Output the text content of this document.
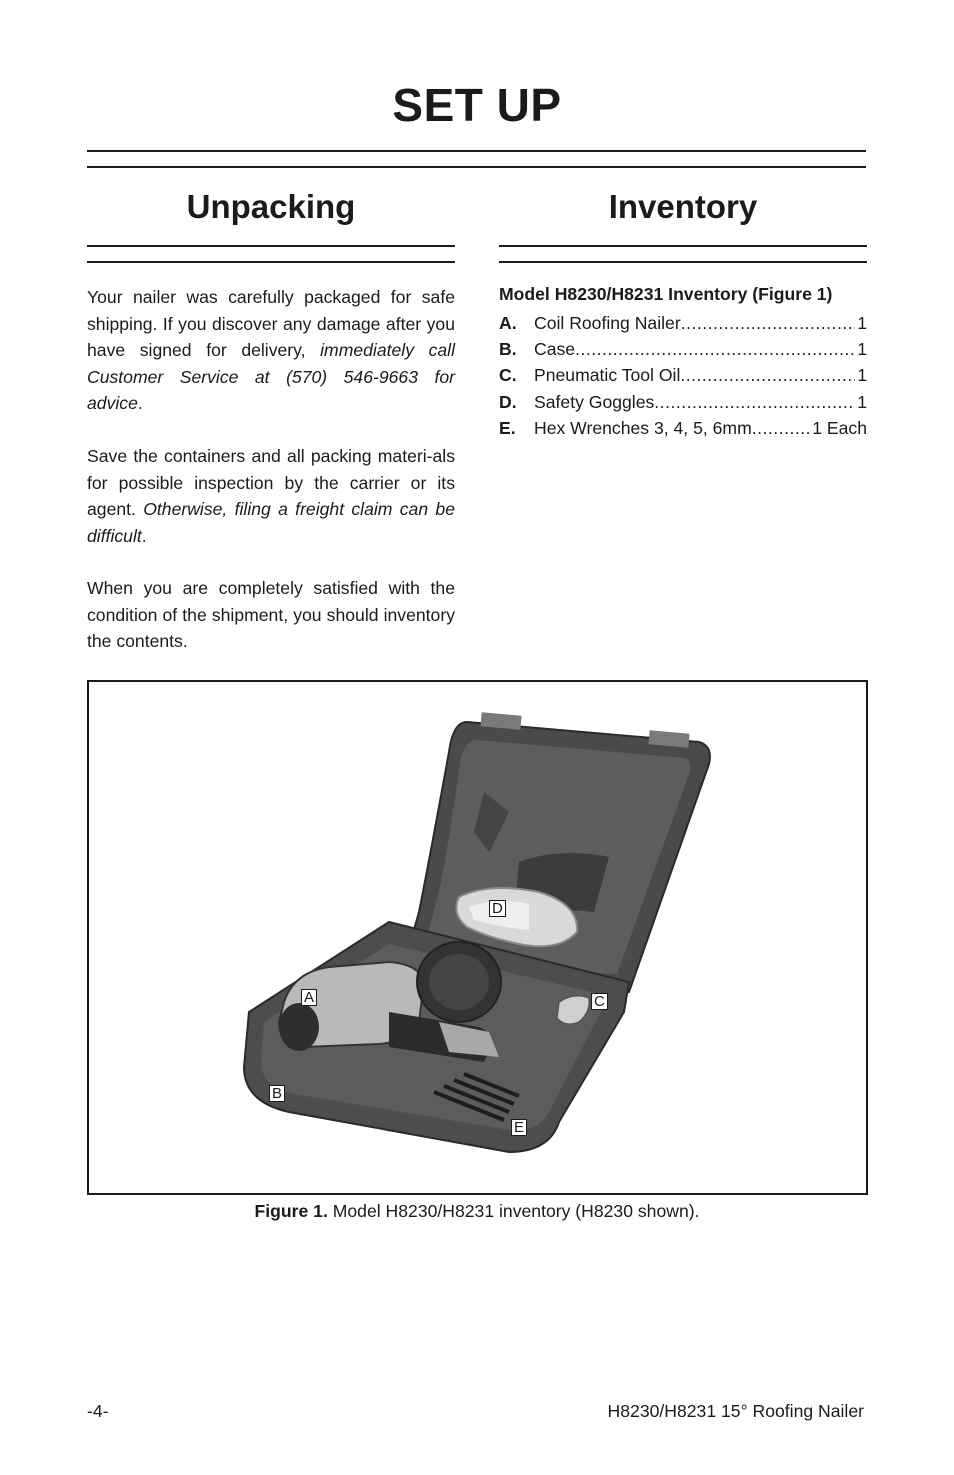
SET UP
Unpacking

Your nailer was carefully packaged for safe shipping. If you discover any damage after you have signed for delivery, immediately call Customer Service at (570) 546-9663 for advice.

Save the containers and all packing materi-als for possible inspection by the carrier or its agent. Otherwise, filing a freight claim can be difficult.

When you are completely satisfied with the condition of the shipment, you should inventory the contents.

Inventory

Model H8230/H8231 Inventory (Figure 1)

A. Coil Roofing Nailer .....	1
B. Case .....	1
C. Pneumatic Tool Oil .....	1
D. Safety Goggles .....	1
E.	Hex Wrenches 3, 4, 5, 6mm .....	1 Each
A
B
C
D
E
Figure 1. Model H8230/H8231 inventory (H8230 shown).
-4-	H8230/H8231 15° Roofing Nailer
